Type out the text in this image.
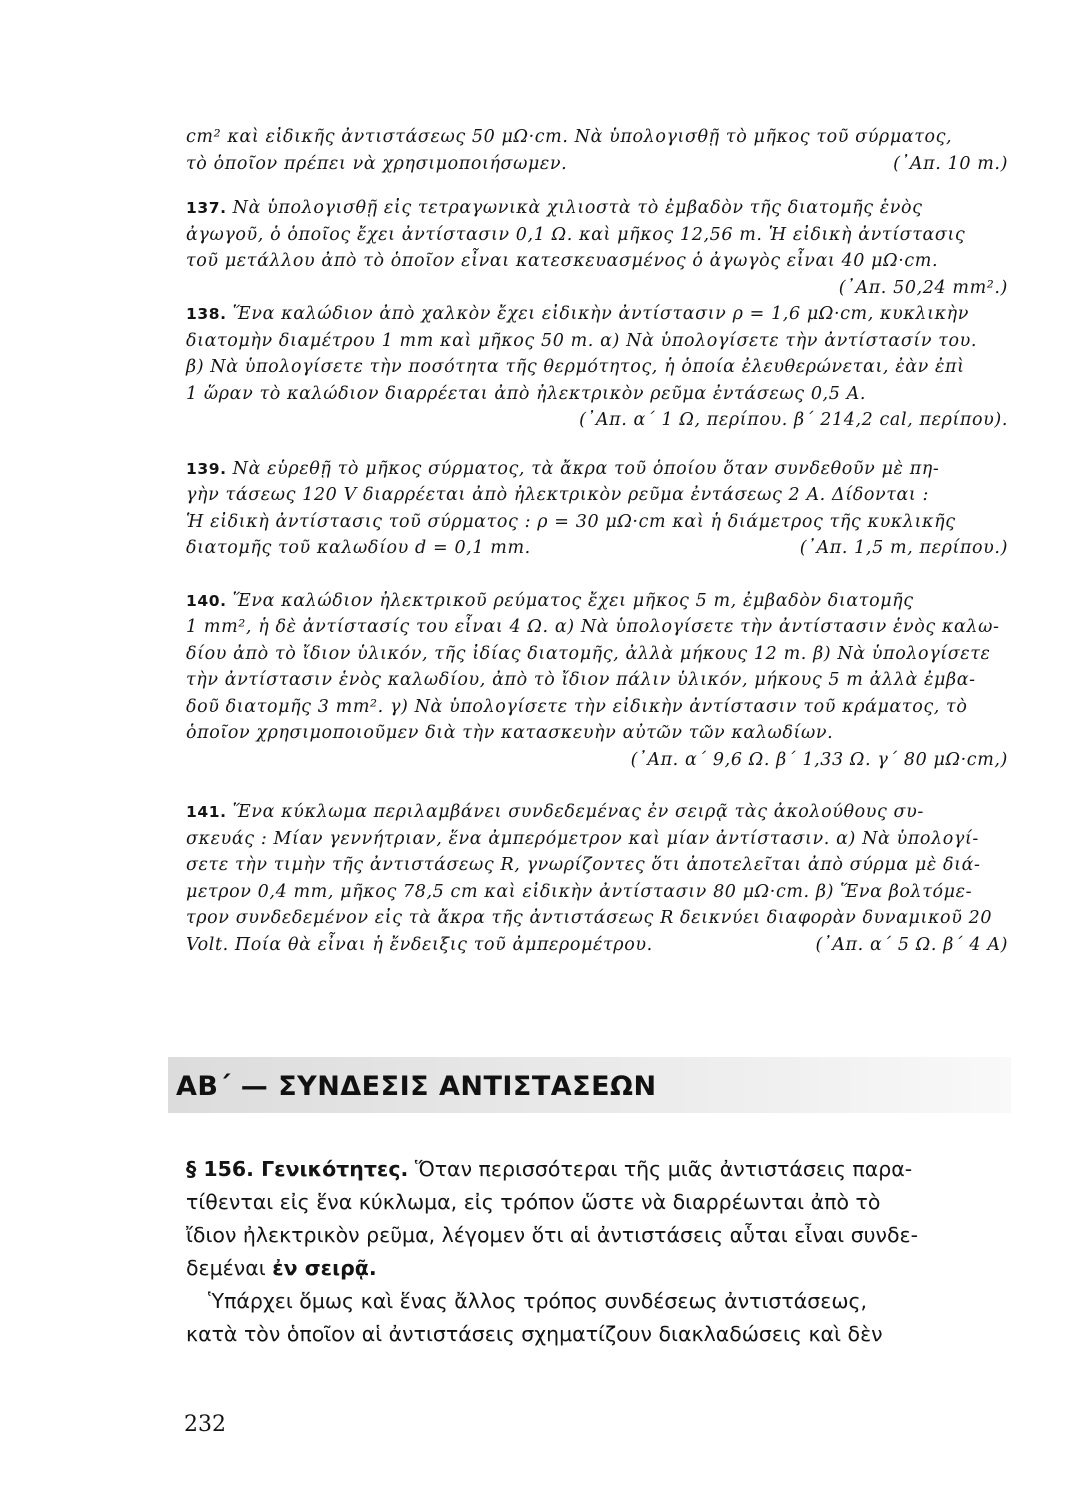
cm² καὶ εἰδικῆς ἀντιστάσεως 50 μΩ·cm. Νὰ ὑπολογισθῇ τὸ μῆκος τοῦ σύρματος,
τὸ ὁποῖον πρέπει νὰ χρησιμοποιήσωμεν.	(᾿Απ. 10 m.)

137. Νὰ ὑπολογισθῇ εἰς τετραγωνικὰ χιλιοστὰ τὸ ἐμβαδὸν τῆς διατομῆς ἑνὸς
ἀγωγοῦ, ὁ ὁποῖος ἔχει ἀντίστασιν 0,1 Ω. καὶ μῆκος 12,56 m. Ἡ εἰδικὴ ἀντίστασις
τοῦ μετάλλου ἀπὸ τὸ ὁποῖον εἶναι κατεσκευασμένος ὁ ἀγωγὸς εἶναι 40 μΩ·cm.
(᾿Απ. 50,24 mm².)

138. Ἕνα καλώδιον ἀπὸ χαλκὸν ἔχει εἰδικὴν ἀντίστασιν ρ = 1,6 μΩ·cm, κυκλικὴν
διατομὴν διαμέτρου 1 mm καὶ μῆκος 50 m. α) Νὰ ὑπολογίσετε τὴν ἀντίστασίν του.
β) Νὰ ὑπολογίσετε τὴν ποσότητα τῆς θερμότητος, ἡ ὁποία ἐλευθερώνεται, ἐὰν ἐπὶ
1 ὥραν τὸ καλώδιον διαρρέεται ἀπὸ ἠλεκτρικὸν ρεῦμα ἐντάσεως 0,5 Α.
(᾿Απ. α´ 1 Ω, περίπου. β´ 214,2 cal, περίπου).

139. Νὰ εὑρεθῇ τὸ μῆκος σύρματος, τὰ ἄκρα τοῦ ὁποίου ὅταν συνδεθοῦν μὲ πη-
γὴν τάσεως 120 V διαρρέεται ἀπὸ ἠλεκτρικὸν ρεῦμα ἐντάσεως 2 Α. Δίδονται :
Ἡ εἰδικὴ ἀντίστασις τοῦ σύρματος : ρ = 30 μΩ·cm καὶ ἡ διάμετρος τῆς κυκλικῆς
διατομῆς τοῦ καλωδίου d = 0,1 mm.	(᾿Απ. 1,5 m, περίπου.)

140. Ἕνα καλώδιον ἠλεκτρικοῦ ρεύματος ἔχει μῆκος 5 m, ἐμβαδὸν διατομῆς
1 mm², ἡ δὲ ἀντίστασίς του εἶναι 4 Ω. α) Νὰ ὑπολογίσετε τὴν ἀντίστασιν ἑνὸς καλω-
δίου ἀπὸ τὸ ἴδιον ὑλικόν, τῆς ἰδίας διατομῆς, ἀλλὰ μήκους 12 m. β) Νὰ ὑπολογίσετε
τὴν ἀντίστασιν ἑνὸς καλωδίου, ἀπὸ τὸ ἴδιον πάλιν ὑλικόν, μήκους 5 m ἀλλὰ ἐμβα-
δοῦ διατομῆς 3 mm². γ) Νὰ ὑπολογίσετε τὴν εἰδικὴν ἀντίστασιν τοῦ κράματος, τὸ
ὁποῖον χρησιμοποιοῦμεν διὰ τὴν κατασκευὴν αὐτῶν τῶν καλωδίων.
(᾿Απ. α´ 9,6 Ω. β´ 1,33 Ω. γ´ 80 μΩ·cm,)

141. Ἕνα κύκλωμα περιλαμβάνει συνδεδεμένας ἐν σειρᾷ τὰς ἀκολούθους συ-
σκευάς : Μίαν γεννήτριαν, ἕνα ἀμπερόμετρον καὶ μίαν ἀντίστασιν. α) Νὰ ὑπολογί-
σετε τὴν τιμὴν τῆς ἀντιστάσεως R, γνωρίζοντες ὅτι ἀποτελεῖται ἀπὸ σύρμα μὲ διά-
μετρον 0,4 mm, μῆκος 78,5 cm καὶ εἰδικὴν ἀντίστασιν 80 μΩ·cm. β) Ἕνα βολτόμε-
τρον συνδεδεμένον εἰς τὰ ἄκρα τῆς ἀντιστάσεως R δεικνύει διαφορὰν δυναμικοῦ 20
Volt. Ποία θὰ εἶναι ἡ ἔνδειξις τοῦ ἀμπερομέτρου.	(᾿Απ. α´ 5 Ω. β´ 4 A)

ΑΒ΄ — ΣΥΝΔΕΣΙΣ ΑΝΤΙΣΤΑΣΕΩΝ

§ 156. Γενικότητες. Ὅταν περισσότεραι τῆς μιᾶς ἀντιστάσεις παρα-
τίθενται εἰς ἕνα κύκλωμα, εἰς τρόπον ὥστε νὰ διαρρέωνται ἀπὸ τὸ
ἴδιον ἠλεκτρικὸν ρεῦμα, λέγομεν ὅτι αἱ ἀντιστάσεις αὗται εἶναι συνδε-
δεμέναι ἐν σειρᾷ.

Ὑπάρχει ὅμως καὶ ἕνας ἄλλος τρόπος συνδέσεως ἀντιστάσεως,
κατὰ τὸν ὁποῖον αἱ ἀντιστάσεις σχηματίζουν διακλαδώσεις καὶ δὲν

232
